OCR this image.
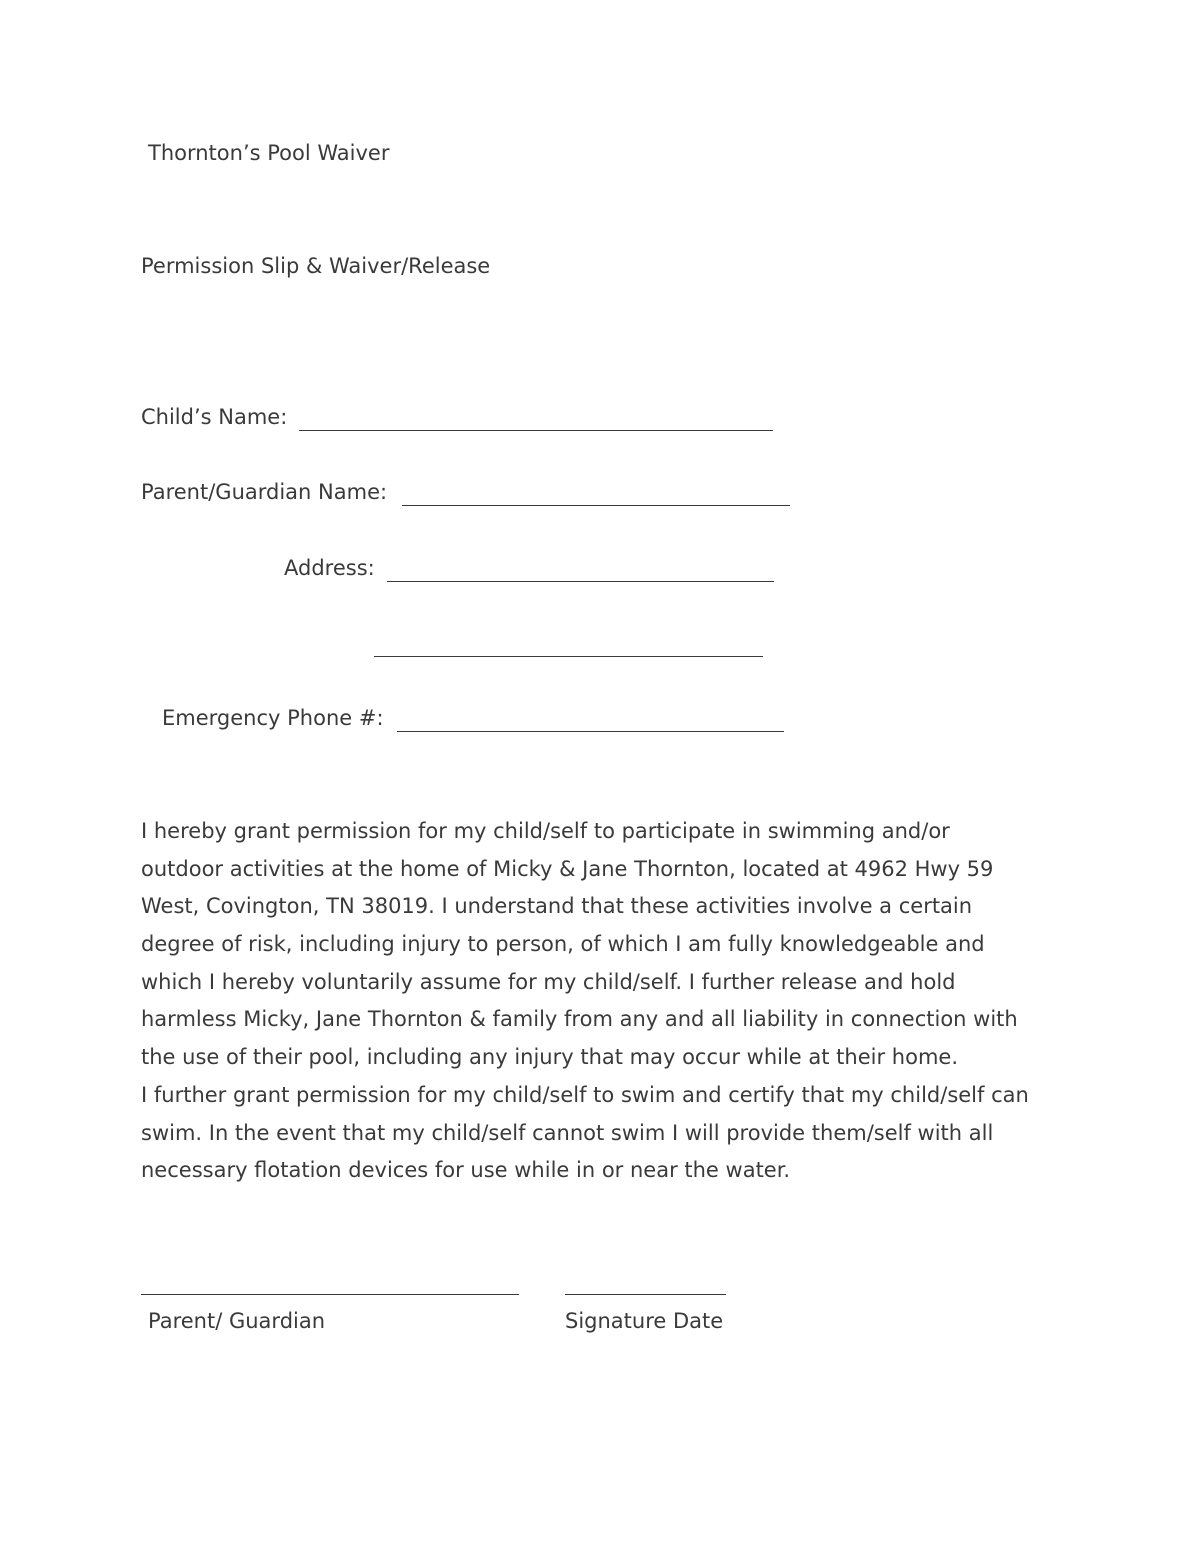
Thornton’s Pool Waiver
Permission Slip & Waiver/Release
Child’s Name:
Parent/Guardian Name:
Address:
Emergency Phone #:
I hereby grant permission for my child/self to participate in swimming and/or
outdoor activities at the home of Micky & Jane Thornton, located at 4962 Hwy 59
West, Covington, TN 38019. I understand that these activities involve a certain
degree of risk, including injury to person, of which I am fully knowledgeable and
which I hereby voluntarily assume for my child/self. I further release and hold
harmless Micky, Jane Thornton & family from any and all liability in connection with
the use of their pool, including any injury that may occur while at their home.
I further grant permission for my child/self to swim and certify that my child/self can
swim. In the event that my child/self cannot swim I will provide them/self with all
necessary flotation devices for use while in or near the water.
Parent/ Guardian	Signature Date
